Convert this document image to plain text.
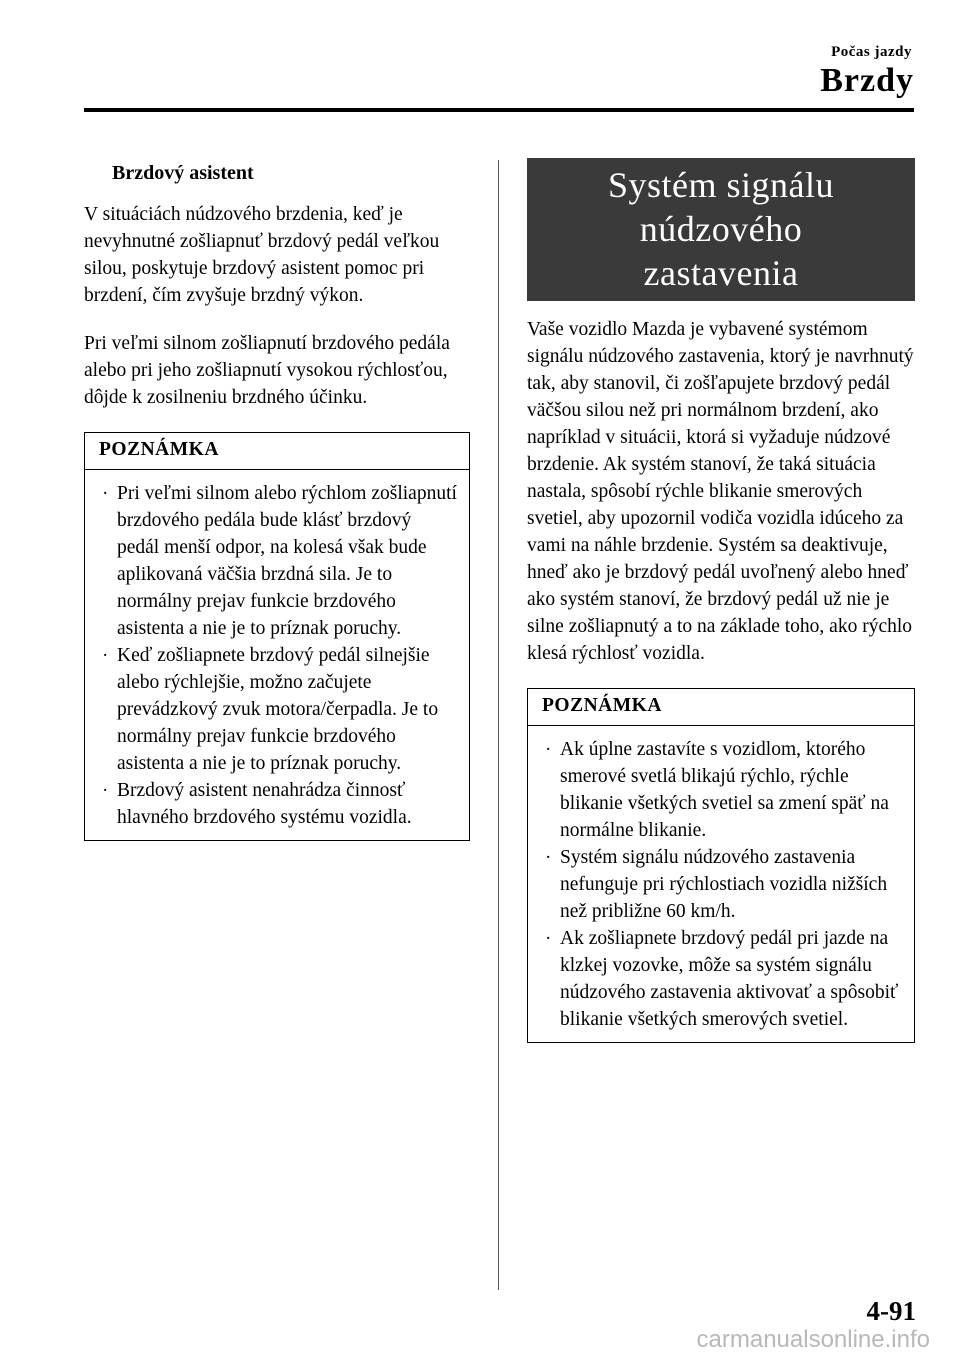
Počas jazdy
Brzdy
Brzdový asistent

V situáciách núdzového brzdenia, keď je nevyhnutné zošliapnuť brzdový pedál veľkou silou, poskytuje brzdový asistent pomoc pri brzdení, čím zvyšuje brzdný výkon.

Pri veľmi silnom zošliapnutí brzdového pedála alebo pri jeho zošliapnutí vysokou rýchlosťou, dôjde k zosilneniu brzdného účinku.

POZNÁMKA
· Pri veľmi silnom alebo rýchlom zošliapnutí brzdového pedála bude klásť brzdový pedál menší odpor, na kolesá však bude aplikovaná väčšia brzdná sila. Je to normálny prejav funkcie brzdového asistenta a nie je to príznak poruchy.
· Keď zošliapnete brzdový pedál silnejšie alebo rýchlejšie, možno začujete prevádzkový zvuk motora/čerpadla. Je to normálny prejav funkcie brzdového asistenta a nie je to príznak poruchy.
· Brzdový asistent nenahrádza činnosť hlavného brzdového systému vozidla.
Systém signálu núdzového
zastavenia

Vaše vozidlo Mazda je vybavené systémom signálu núdzového zastavenia, ktorý je navrhnutý tak, aby stanovil, či zošľapujete brzdový pedál väčšou silou než pri normálnom brzdení, ako napríklad v situácii, ktorá si vyžaduje núdzové brzdenie. Ak systém stanoví, že taká situácia nastala, spôsobí rýchle blikanie smerových svetiel, aby upozornil vodiča vozidla idúceho za vami na náhle brzdenie. Systém sa deaktivuje, hneď ako je brzdový pedál uvoľnený alebo hneď ako systém stanoví, že brzdový pedál už nie je silne zošliapnutý a to na základe toho, ako rýchlo klesá rýchlosť vozidla.

POZNÁMKA
· Ak úplne zastavíte s vozidlom, ktorého smerové svetlá blikajú rýchlo, rýchle blikanie všetkých svetiel sa zmení späť na normálne blikanie.
· Systém signálu núdzového zastavenia nefunguje pri rýchlostiach vozidla nižších než približne 60 km/h.
· Ak zošliapnete brzdový pedál pri jazde na klzkej vozovke, môže sa systém signálu núdzového zastavenia aktivovať a spôsobiť blikanie všetkých smerových svetiel.
4-91
carmanualsonline.info
